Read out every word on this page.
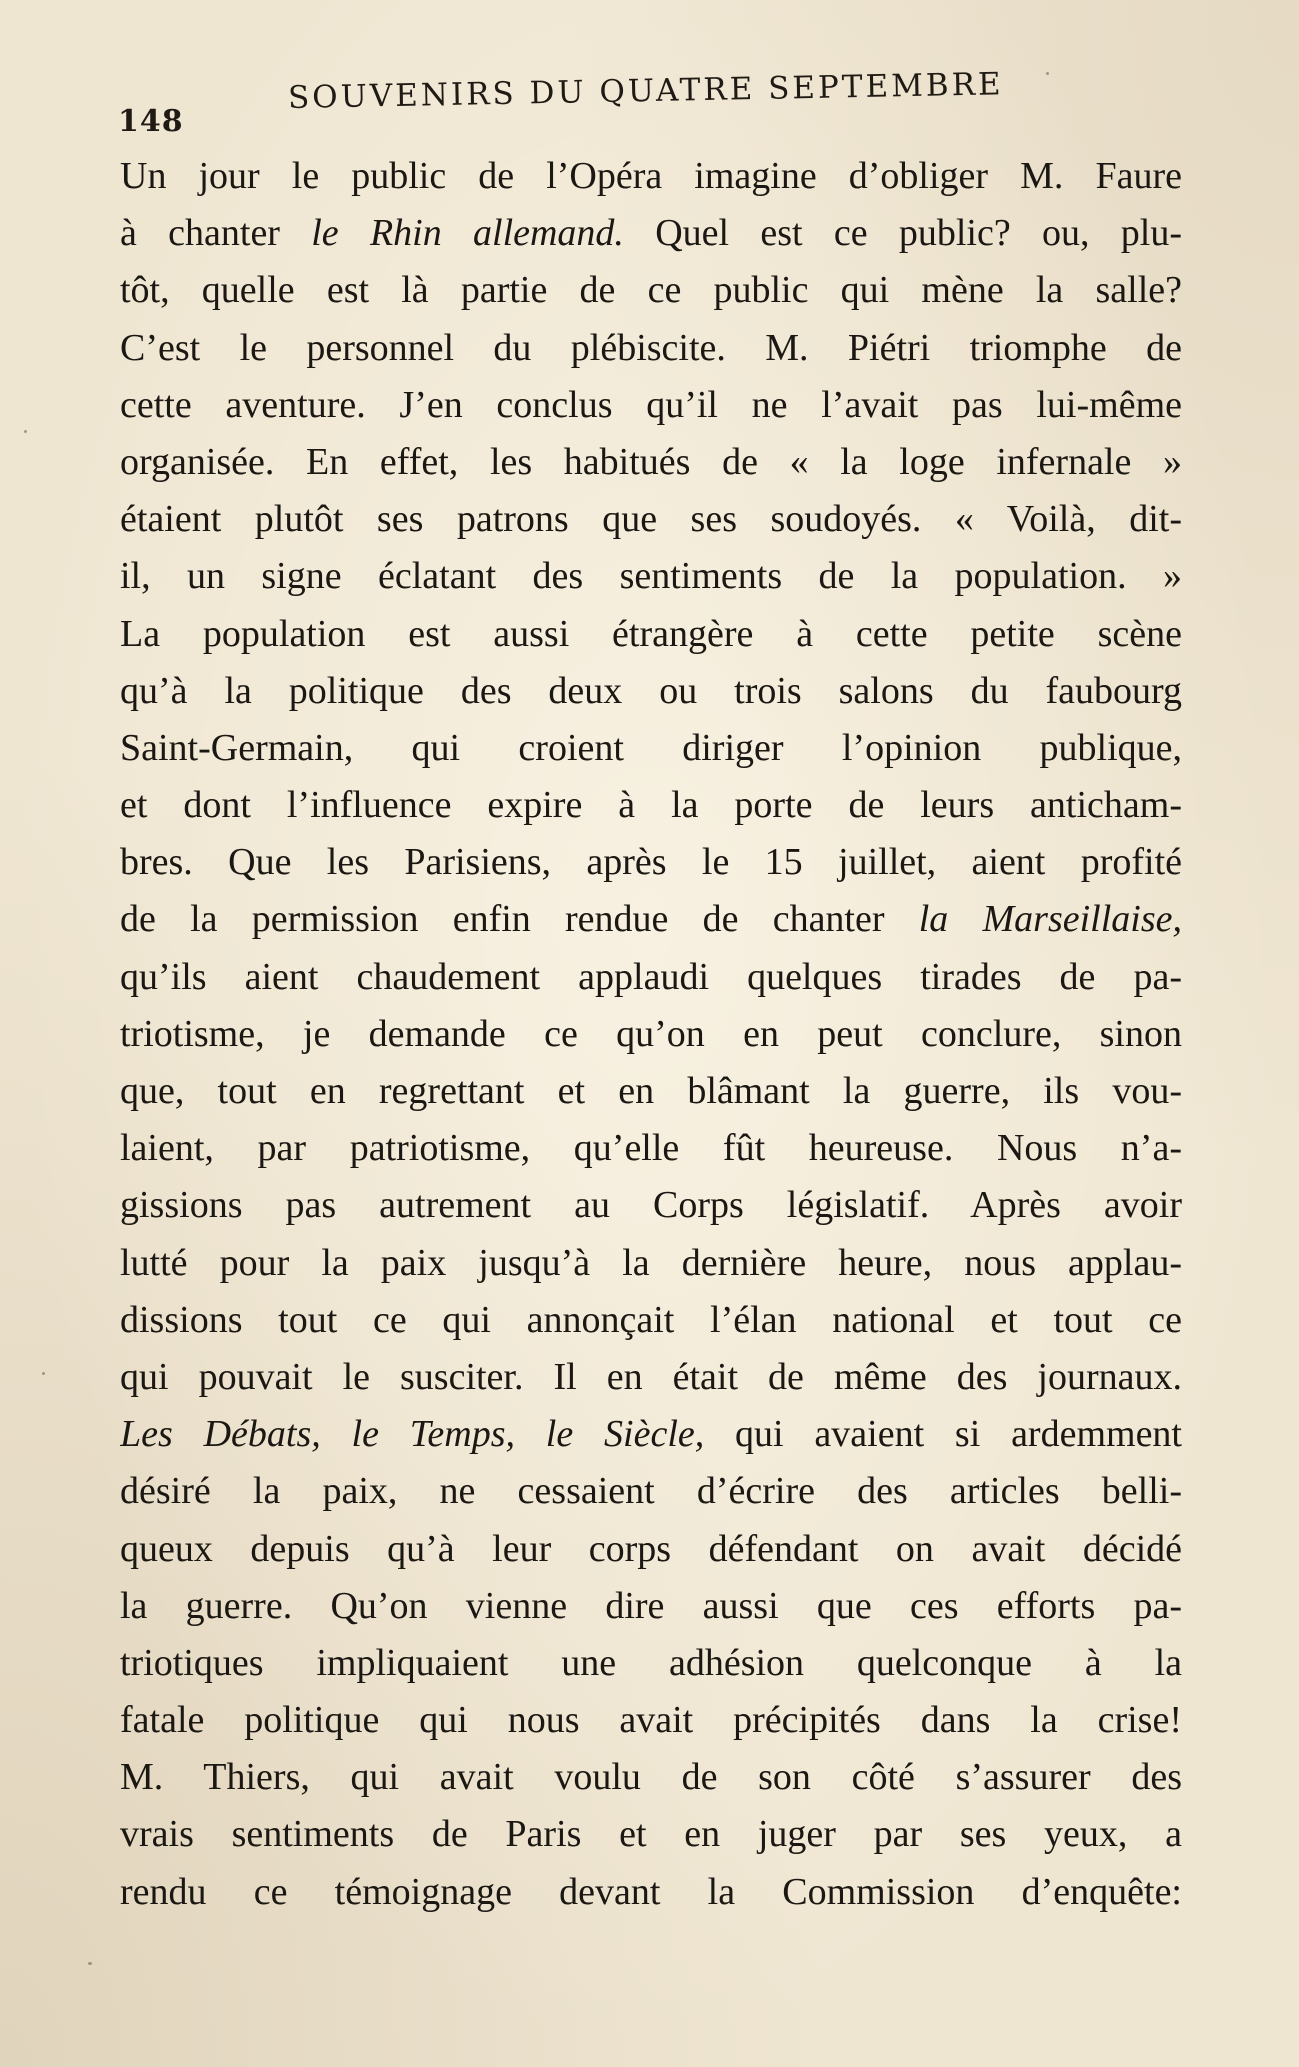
148
SOUVENIRS DU QUATRE SEPTEMBRE
Un jour le public de l’Opéra imagine d’obliger M. Faure
à chanter le Rhin allemand. Quel est ce public? ou, plu-
tôt, quelle est là partie de ce public qui mène la salle?
C’est le personnel du plébiscite. M. Piétri triomphe de
cette aventure. J’en conclus qu’il ne l’avait pas lui-même
organisée. En effet, les habitués de « la loge infernale »
étaient plutôt ses patrons que ses soudoyés. « Voilà, dit-
il, un signe éclatant des sentiments de la population. »
La population est aussi étrangère à cette petite scène
qu’à la politique des deux ou trois salons du faubourg
Saint-Germain, qui croient diriger l’opinion publique,
et dont l’influence expire à la porte de leurs anticham-
bres. Que les Parisiens, après le 15 juillet, aient profité
de la permission enfin rendue de chanter la Marseillaise,
qu’ils aient chaudement applaudi quelques tirades de pa-
triotisme, je demande ce qu’on en peut conclure, sinon
que, tout en regrettant et en blâmant la guerre, ils vou-
laient, par patriotisme, qu’elle fût heureuse. Nous n’a-
gissions pas autrement au Corps législatif. Après avoir
lutté pour la paix jusqu’à la dernière heure, nous applau-
dissions tout ce qui annonçait l’élan national et tout ce
qui pouvait le susciter. Il en était de même des journaux.
Les Débats, le Temps, le Siècle, qui avaient si ardemment
désiré la paix, ne cessaient d’écrire des articles belli-
queux depuis qu’à leur corps défendant on avait décidé
la guerre. Qu’on vienne dire aussi que ces efforts pa-
triotiques impliquaient une adhésion quelconque à la
fatale politique qui nous avait précipités dans la crise!
M. Thiers, qui avait voulu de son côté s’assurer des
vrais sentiments de Paris et en juger par ses yeux, a
rendu ce témoignage devant la Commission d’enquête:
